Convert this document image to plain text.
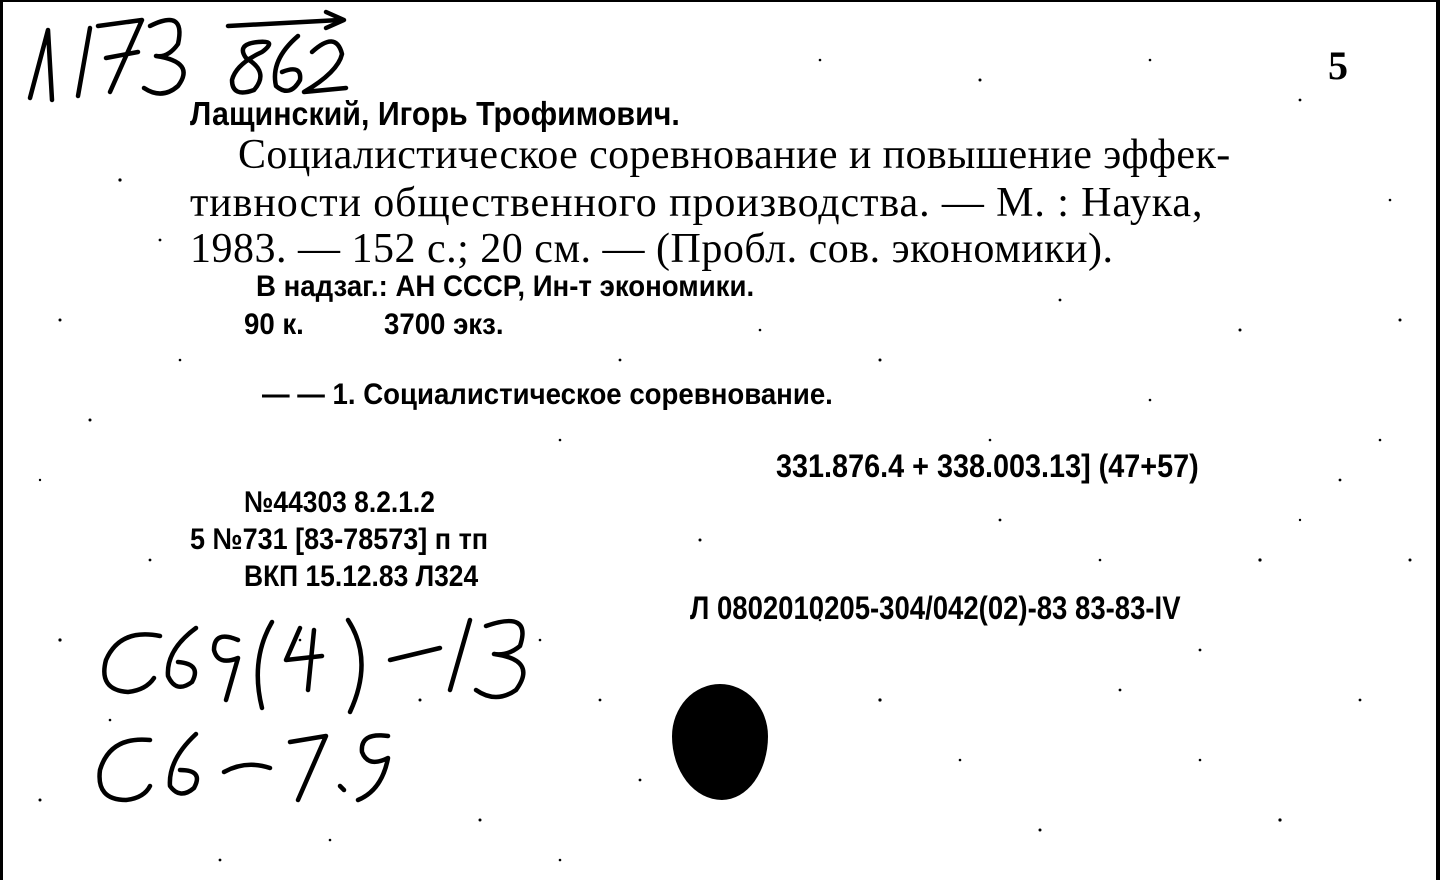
5
Лащинский, Игорь Трофимович.
Социалистическое соревнование и повышение эффек-
тивности общественного производства. — М. : Наука,
1983. — 152 с.; 20 см. — (Пробл. сов. экономики).
В надзаг.: АН СССР, Ин-т экономики.
90 к.	3700 экз.
— — 1. Социалистическое соревнование.
331.876.4 + 338.003.13] (47+57)
№44303 8.2.1.2
5 №731 [83-78573] п тп
ВКП 15.12.83 Л324
Л 0802010205-304/042(02)-83 83-83-IV
